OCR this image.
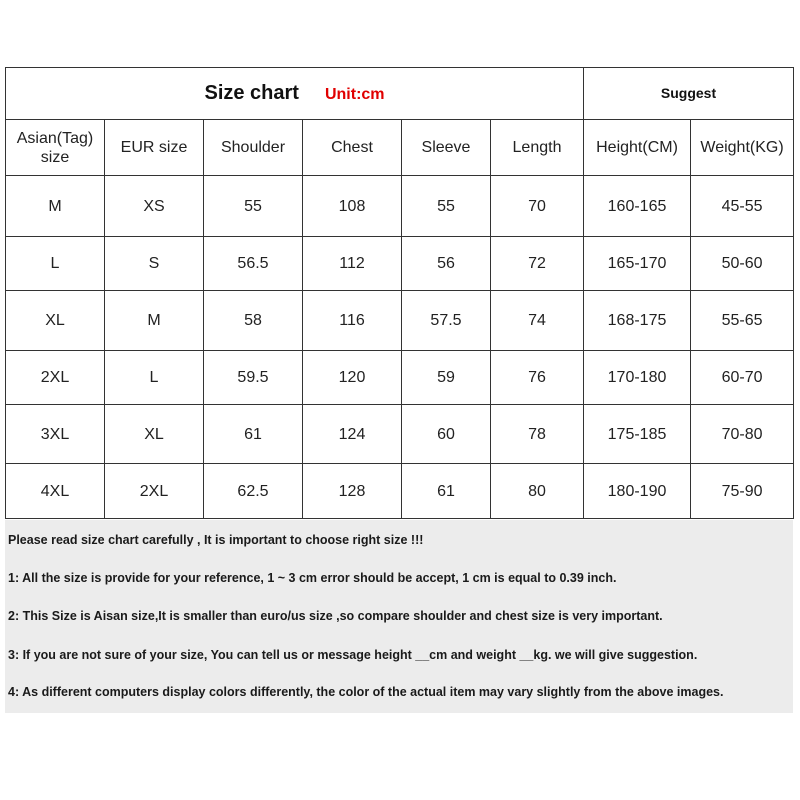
Size chart Unit:cm						Suggest	
Asian(Tag) size	EUR size	Shoulder	Chest	Sleeve	Length	Height(CM)	Weight(KG)
M	XS	55	108	55	70	160-165	45-55
L	S	56.5	112	56	72	165-170	50-60
XL	M	58	116	57.5	74	168-175	55-65
2XL	L	59.5	120	59	76	170-180	60-70
3XL	XL	61	124	60	78	175-185	70-80
4XL	2XL	62.5	128	61	80	180-190	75-90
Please read size chart carefully , It is important to choose right size !!!
1: All the size is provide for your reference, 1 ~ 3 cm error should be accept, 1 cm is equal to 0.39 inch.
2: This Size is Aisan size,It is smaller than euro/us size ,so compare shoulder and chest size is very important.
3: If you are not sure of your size, You can tell us or message height __cm and weight __kg. we will give suggestion.
4: As different computers display colors differently, the color of the actual item may vary slightly from the above images.
